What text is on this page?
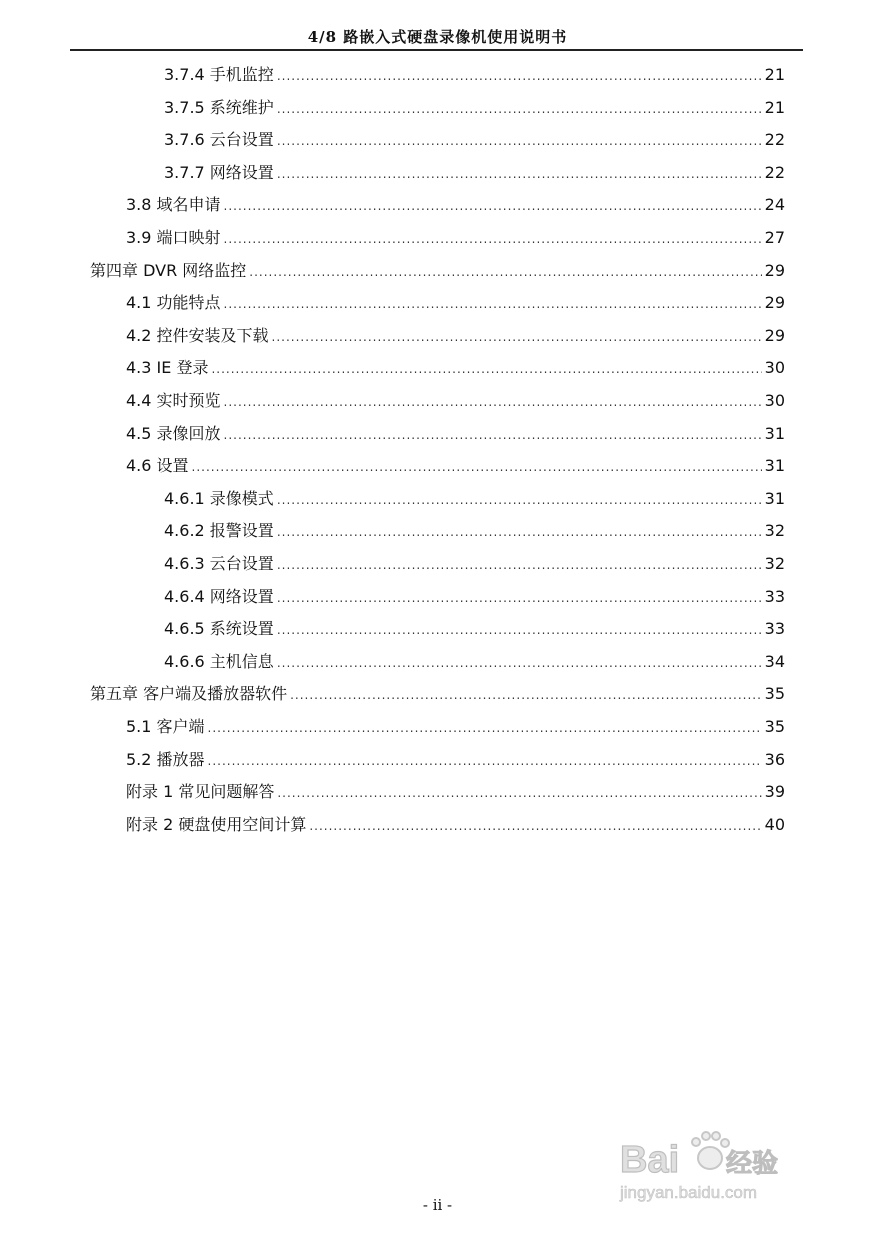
4/8 路嵌入式硬盘录像机使用说明书
3.7.4 手机监控 .....	21
3.7.5 系统维护 .....	21
3.7.6 云台设置 .....	22
3.7.7 网络设置 .....	22
3.8 域名申请 .....	24
3.9 端口映射 .....	27
第四章 DVR 网络监控 .....	29
4.1 功能特点 .....	29
4.2 控件安装及下载 .....	29
4.3 IE 登录 .....	30
4.4 实时预览 .....	30
4.5 录像回放 .....	31
4.6 设置 .....	31
4.6.1 录像模式 .....	31
4.6.2 报警设置 .....	32
4.6.3 云台设置 .....	32
4.6.4 网络设置 .....	33
4.6.5 系统设置 .....	33
4.6.6 主机信息 .....	34
第五章 客户端及播放器软件 .....	35
5.1 客户端 .....	35
5.2 播放器 .....	36
附录 1 常见问题解答 .....	39
附录 2 硬盘使用空间计算 .....	40
- ii -
Bai 经验
jingyan.baidu.com
